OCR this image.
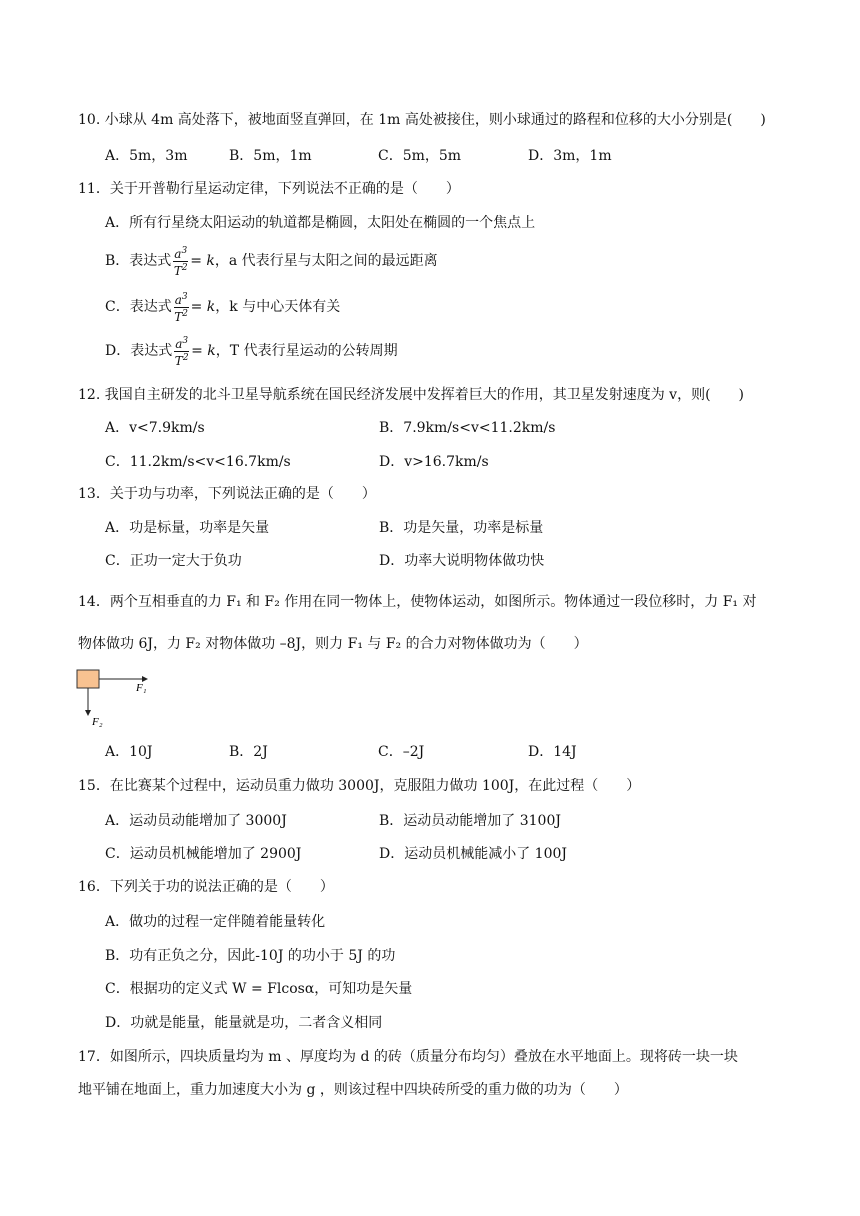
10. 小球从 4m 高处落下，被地面竖直弹回，在 1m 高处被接住，则小球通过的路程和位移的大小分别是(　　)
A．5m，3m	B．5m，1m	C．5m，5m	D．3m，1m
11．关于开普勒行星运动定律，下列说法不正确的是（　　）
A．所有行星绕太阳运动的轨道都是椭圆，太阳处在椭圆的一个焦点上
B．表达式 $\frac{a^3}{T^2} = k$，a 代表行星与太阳之间的最远距离
C．表达式 $\frac{a^3}{T^2} = k$，k 与中心天体有关
D．表达式 $\frac{a^3}{T^2} = k$，T 代表行星运动的公转周期
12. 我国自主研发的北斗卫星导航系统在国民经济发展中发挥着巨大的作用，其卫星发射速度为 v，则(　　)
A．v<7.9km/s	B．7.9km/s<v<11.2km/s
C．11.2km/s<v<16.7km/s	D．v>16.7km/s
13．关于功与功率，下列说法正确的是（　　）
A．功是标量，功率是矢量	B．功是矢量，功率是标量
C．正功一定大于负功	D．功率大说明物体做功快
14．两个互相垂直的力 F₁ 和 F₂ 作用在同一物体上，使物体运动，如图所示。物体通过一段位移时，力 F₁ 对
物体做功 6J，力 F₂ 对物体做功 –8J，则力 F₁ 与 F₂ 的合力对物体做功为（　　）
F₁
F₂
A．10J	B．2J	C．–2J	D．14J
15．在比赛某个过程中，运动员重力做功 3000J，克服阻力做功 100J，在此过程（　　）
A．运动员动能增加了 3000J	B．运动员动能增加了 3100J
C．运动员机械能增加了 2900J	D．运动员机械能减小了 100J
16．下列关于功的说法正确的是（　　）
A．做功的过程一定伴随着能量转化
B．功有正负之分，因此-10J 的功小于 5J 的功
C．根据功的定义式 W = Flcosα，可知功是矢量
D．功就是能量，能量就是功，二者含义相同
17．如图所示，四块质量均为 m 、厚度均为 d 的砖（质量分布均匀）叠放在水平地面上。现将砖一块一块
地平铺在地面上，重力加速度大小为 g ，则该过程中四块砖所受的重力做的功为（　　）
